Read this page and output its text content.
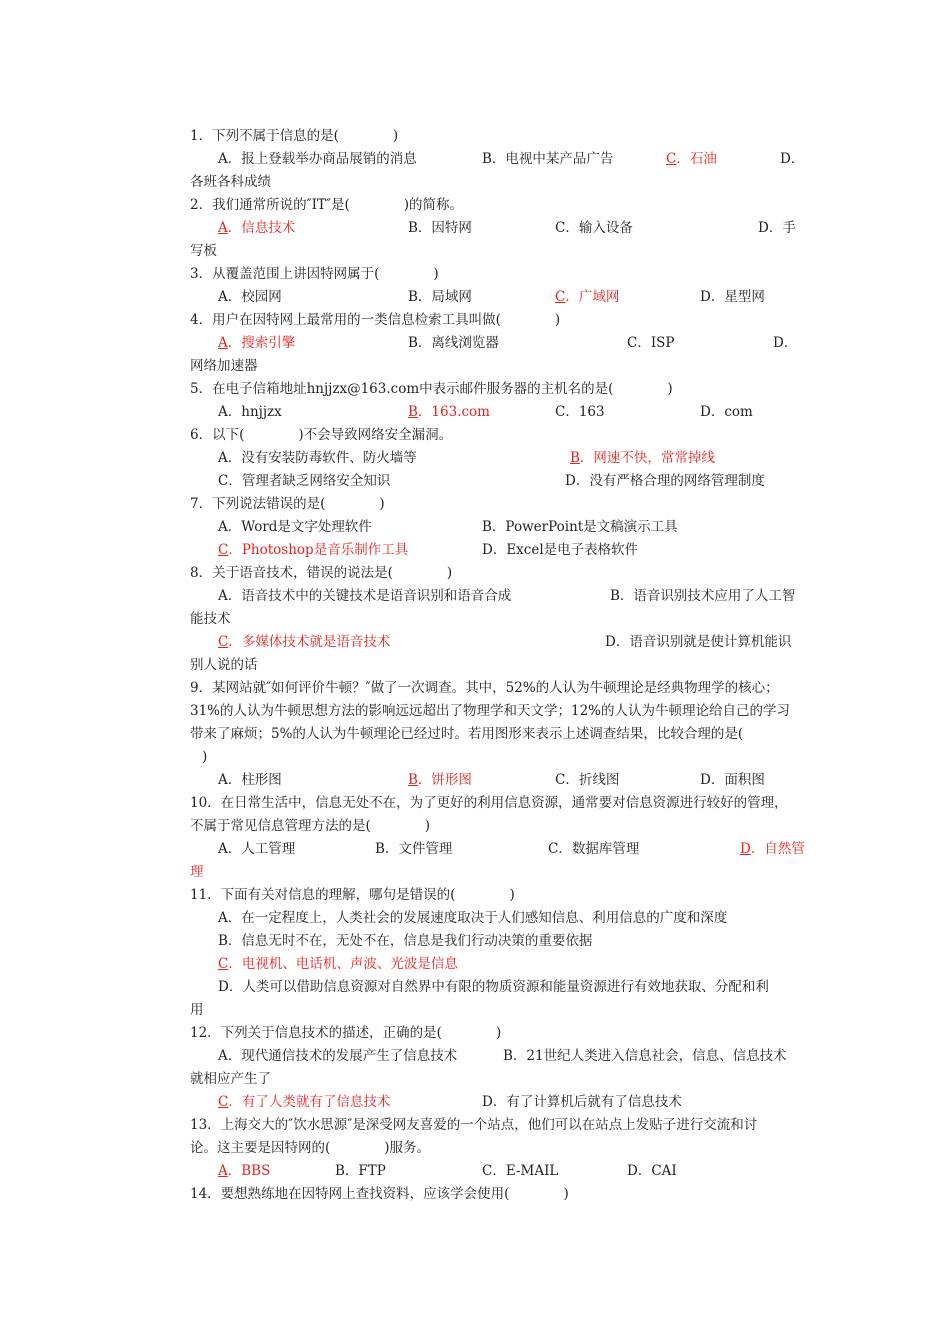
1．下列不属于信息的是(　　　　)
A．报上登载举办商品展销的消息	B．电视中某产品广告	C．石油	D．
各班各科成绩
2．我们通常所说的″IT″是(　　　　)的简称。
A．信息技术	B．因特网	C．输入设备	D．手
写板
3．从覆盖范围上讲因特网属于(　　　　)
A．校园网	B．局域网	C．广域网	D．星型网
4．用户在因特网上最常用的一类信息检索工具叫做(　　　　)
A．搜索引擎	B．离线浏览器	C．ISP	D．
网络加速器
5．在电子信箱地址hnjjzx@163.com中表示邮件服务器的主机名的是(　　　　)
A．hnjjzx	B．163.com	C．163	D．com
6．以下(　　　　)不会导致网络安全漏洞。
A．没有安装防毒软件、防火墙等	B．网速不快，常常掉线
C．管理者缺乏网络安全知识	D．没有严格合理的网络管理制度
7．下列说法错误的是(　　　　)
A．Word是文字处理软件	B．PowerPoint是文稿演示工具
C．Photoshop是音乐制作工具	D．Excel是电子表格软件
8．关于语音技术，错误的说法是(　　　　)
A．语音技术中的关键技术是语音识别和语音合成	B．语音识别技术应用了人工智
能技术
C．多媒体技术就是语音技术	D．语音识别就是使计算机能识
别人说的话
9．某网站就″如何评价牛顿？″做了一次调查。其中，52%的人认为牛顿理论是经典物理学的核心；
31%的人认为牛顿思想方法的影响远远超出了物理学和天文学；12%的人认为牛顿理论给自己的学习
带来了麻烦；5%的人认为牛顿理论已经过时。若用图形来表示上述调查结果，比较合理的是(
)
A．柱形图	B．饼形图	C．折线图	D．面积图
10．在日常生活中，信息无处不在，为了更好的利用信息资源，通常要对信息资源进行较好的管理，
不属于常见信息管理方法的是(　　　　)
A．人工管理	B．文件管理	C．数据库管理	D．自然管
理
11．下面有关对信息的理解，哪句是错误的(　　　　)
A．在一定程度上，人类社会的发展速度取决于人们感知信息、利用信息的广度和深度
B．信息无时不在，无处不在，信息是我们行动决策的重要依据
C．电视机、电话机、声波、光波是信息
D．人类可以借助信息资源对自然界中有限的物质资源和能量资源进行有效地获取、分配和利
用
12．下列关于信息技术的描述，正确的是(　　　　)
A．现代通信技术的发展产生了信息技术	B．21世纪人类进入信息社会，信息、信息技术
就相应产生了
C．有了人类就有了信息技术	D．有了计算机后就有了信息技术
13．上海交大的″饮水思源″是深受网友喜爱的一个站点，他们可以在站点上发贴子进行交流和讨
论。这主要是因特网的(　　　　)服务。
A．BBS	B．FTP	C．E-MAIL	D．CAI
14．要想熟练地在因特网上查找资料，应该学会使用(　　　　)
